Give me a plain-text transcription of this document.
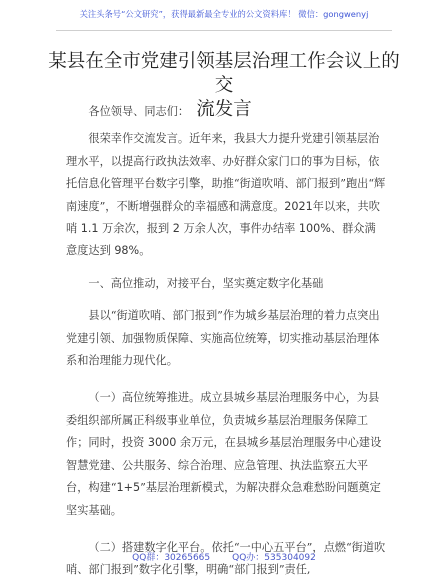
关注头条号“公文研究”，获得最新最全专业的公文资料库！ 微信：gongwenyj
某县在全市党建引领基层治理工作会议上的交
流发言

各位领导、同志们：

很荣幸作交流发言。近年来，我县大力提升党建引领基层治理水平，以提高行政执法效率、办好群众家门口的事为目标，依托信息化管理平台数字引擎，助推“街道吹哨、部门报到”跑出“辉南速度”，不断增强群众的幸福感和满意度。2021年以来，共吹哨 1.1 万余次，报到 2 万余人次，事件办结率 100%、群众满意度达到 98%。

一、高位推动，对接平台，坚实奠定数字化基础

县以“街道吹哨、部门报到”作为城乡基层治理的着力点突出党建引领、加强物质保障、实施高位统筹，切实推动基层治理体系和治理能力现代化。

（一）高位统筹推进。成立县城乡基层治理服务中心，为县委组织部所属正科级事业单位，负责城乡基层治理服务保障工作；同时，投资 3000 余万元，在县城乡基层治理服务中心建设智慧党建、公共服务、综合治理、应急管理、执法监察五大平台，构建“1+5”基层治理新模式，为解决群众急难愁盼问题奠定坚实基础。

（二）搭建数字化平台。依托“一中心五平台”，点燃“街道吹哨、部门报到”数字化引擎，明确“部门报到”责任,

QQ群：30265665 QQ办：535304092
